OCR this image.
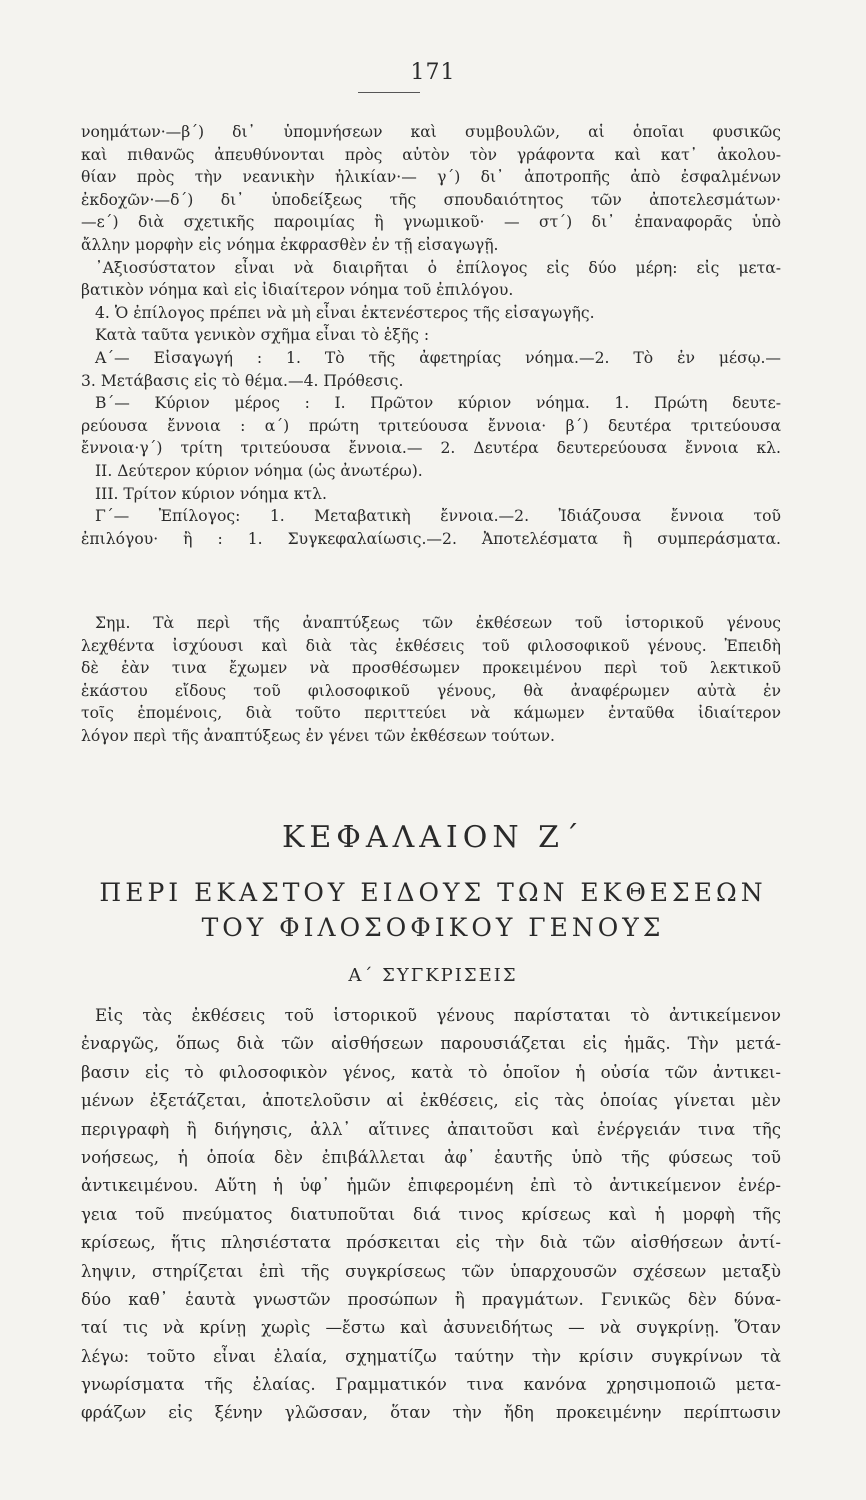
171
νοημάτων·—β΄) δι᾽ ὑπομνήσεων καὶ συμβουλῶν, αἱ ὁποῖαι φυσικῶς
καὶ πιθανῶς ἀπευθύνονται πρὸς αὐτὸν τὸν γράφοντα καὶ κατ᾽ ἀκολου-
θίαν πρὸς τὴν νεανικὴν ἡλικίαν·— γ΄) δι᾽ ἀποτροπῆς ἀπὸ ἐσφαλμένων
ἐκδοχῶν·—δ΄) δι᾽ ὑποδείξεως τῆς σπουδαιότητος τῶν ἀποτελεσμάτων·
—ε΄) διὰ σχετικῆς παροιμίας ἢ γνωμικοῦ· — στ΄) δι᾽ ἐπαναφορᾶς ὑπὸ
ἄλλην μορφὴν εἰς νόημα ἐκφρασθὲν ἐν τῇ εἰσαγωγῇ.
᾿Αξιοσύστατον εἶναι νὰ διαιρῆται ὁ ἐπίλογος εἰς δύο μέρη: εἰς μετα-
βατικὸν νόημα καὶ εἰς ἰδιαίτερον νόημα τοῦ ἐπιλόγου.
4. Ὁ ἐπίλογος πρέπει νὰ μὴ εἶναι ἐκτενέστερος τῆς εἰσαγωγῆς.
Κατὰ ταῦτα γενικὸν σχῆμα εἶναι τὸ ἑξῆς :
Α΄— Εἰσαγωγή : 1. Τὸ τῆς ἀφετηρίας νόημα.—2. Τὸ ἐν μέσῳ.—
3. Μετάβασις εἰς τὸ θέμα.—4. Πρόθεσις.
Β΄— Κύριον μέρος : I. Πρῶτον κύριον νόημα. 1. Πρώτη δευτε-
ρεύουσα ἔννοια : α΄) πρώτη τριτεύουσα ἔννοια· β΄) δευτέρα τριτεύουσα
ἔννοια·γ΄) τρίτη τριτεύουσα ἔννοια.— 2. Δευτέρα δευτερεύουσα ἔννοια κλ.
II. Δεύτερον κύριον νόημα (ὡς ἀνωτέρω).
III. Τρίτον κύριον νόημα κτλ.
Γ΄— Ἐπίλογος: 1. Μεταβατικὴ ἔννοια.—2. Ἰδιάζουσα ἔννοια τοῦ
ἐπιλόγου· ἢ : 1. Συγκεφαλαίωσις.—2. Ἀποτελέσματα ἢ συμπεράσματα.
Σημ. Τὰ περὶ τῆς ἀναπτύξεως τῶν ἐκθέσεων τοῦ ἱστορικοῦ γένους
λεχθέντα ἰσχύουσι καὶ διὰ τὰς ἐκθέσεις τοῦ φιλοσοφικοῦ γένους. Ἐπειδὴ
δὲ ἐὰν τινα ἔχωμεν νὰ προσθέσωμεν προκειμένου περὶ τοῦ λεκτικοῦ
ἑκάστου εἴδους τοῦ φιλοσοφικοῦ γένους, θὰ ἀναφέρωμεν αὐτὰ ἐν
τοῖς ἑπομένοις, διὰ τοῦτο περιττεύει νὰ κάμωμεν ἐνταῦθα ἰδιαίτερον
λόγον περὶ τῆς ἀναπτύξεως ἐν γένει τῶν ἐκθέσεων τούτων.
ΚΕΦΑΛΑΙΟΝ Ζ΄
ΠΕΡΙ ΕΚΑΣΤΟΥ ΕΙΔΟΥΣ ΤΩΝ ΕΚΘΕΣΕΩΝ
ΤΟΥ ΦΙΛΟΣΟΦΙΚΟΥ ΓΕΝΟΥΣ
Α΄ ΣΥΓΚΡΙΣΕΙΣ
Εἰς τὰς ἐκθέσεις τοῦ ἱστορικοῦ γένους παρίσταται τὸ ἀντικείμενον
ἐναργῶς, ὅπως διὰ τῶν αἰσθήσεων παρουσιάζεται εἰς ἡμᾶς. Τὴν μετά-
βασιν εἰς τὸ φιλοσοφικὸν γένος, κατὰ τὸ ὁποῖον ἡ οὐσία τῶν ἀντικει-
μένων ἐξετάζεται, ἀποτελοῦσιν αἱ ἐκθέσεις, εἰς τὰς ὁποίας γίνεται μὲν
περιγραφὴ ἢ διήγησις, ἀλλ᾽ αἵτινες ἀπαιτοῦσι καὶ ἐνέργειάν τινα τῆς
νοήσεως, ἡ ὁποία δὲν ἐπιβάλλεται ἀφ᾽ ἑαυτῆς ὑπὸ τῆς φύσεως τοῦ
ἀντικειμένου. Αὕτη ἡ ὑφ᾽ ἡμῶν ἐπιφερομένη ἐπὶ τὸ ἀντικείμενον ἐνέρ-
γεια τοῦ πνεύματος διατυποῦται διά τινος κρίσεως καὶ ἡ μορφὴ τῆς
κρίσεως, ἥτις πλησιέστατα πρόσκειται εἰς τὴν διὰ τῶν αἰσθήσεων ἀντί-
ληψιν, στηρίζεται ἐπὶ τῆς συγκρίσεως τῶν ὑπαρχουσῶν σχέσεων μεταξὺ
δύο καθ᾽ ἑαυτὰ γνωστῶν προσώπων ἢ πραγμάτων. Γενικῶς δὲν δύνα-
ταί τις νὰ κρίνῃ χωρὶς —ἔστω καὶ ἀσυνειδήτως — νὰ συγκρίνῃ. Ὅταν
λέγω: τοῦτο εἶναι ἐλαία, σχηματίζω ταύτην τὴν κρίσιν συγκρίνων τὰ
γνωρίσματα τῆς ἐλαίας. Γραμματικόν τινα κανόνα χρησιμοποιῶ μετα-
φράζων εἰς ξένην γλῶσσαν, ὅταν τὴν ἤδη προκειμένην περίπτωσιν
